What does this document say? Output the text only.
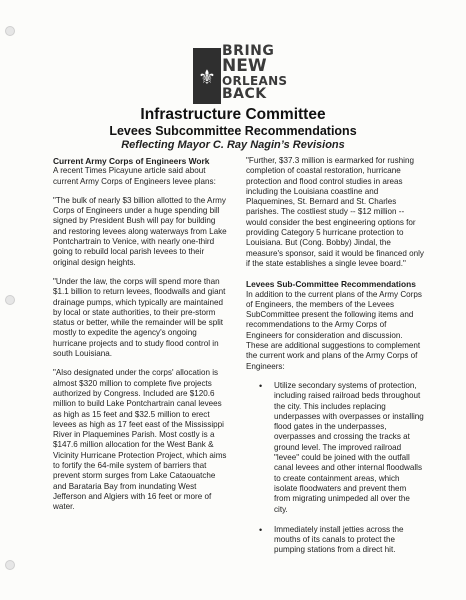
⚜
BRING
NEW
ORLEANS
BACK
Infrastructure Committee
Levees Subcommittee Recommendations
Reflecting Mayor C. Ray Nagin’s Revisions
Current Army Corps of Engineers Work

A recent Times Picayune article said about current Army Corps of Engineers levee plans:

"The bulk of nearly $3 billion allotted to the Army Corps of Engineers under a huge spending bill signed by President Bush will pay for building and restoring levees along waterways from Lake Pontchartrain to Venice, with nearly one-third going to rebuild local parish levees to their original design heights.

"Under the law, the corps will spend more than $1.1 billion to return levees, floodwalls and giant drainage pumps, which typically are maintained by local or state authorities, to their pre-storm status or better, while the remainder will be split mostly to expedite the agency's ongoing hurricane projects and to study flood control in south Louisiana.

"Also designated under the corps' allocation is almost $320 million to complete five projects authorized by Congress. Included are $120.6 million to build Lake Pontchartrain canal levees as high as 15 feet and $32.5 million to erect levees as high as 17 feet east of the Mississippi River in Plaquemines Parish. Most costly is a $147.6 million allocation for the West Bank & Vicinity Hurricane Protection Project, which aims to fortify the 64-mile system of barriers that prevent storm surges from Lake Cataouatche and Barataria Bay from inundating West Jefferson and Algiers with 16 feet or more of water.

"Further, $37.3 million is earmarked for rushing completion of coastal restoration, hurricane protection and flood control studies in areas including the Louisiana coastline and Plaquemines, St. Bernard and St. Charles parishes. The costliest study -- $12 million -- would consider the best engineering options for providing Category 5 hurricane protection to Louisiana. But (Cong. Bobby) Jindal, the measure's sponsor, said it would be financed only if the state establishes a single levee board."

Levees Sub-Committee Recommendations

In addition to the current plans of the Army Corps of Engineers, the members of the Levees SubCommittee present the following items and recommendations to the Army Corps of Engineers for consideration and discussion. These are additional suggestions to complement the current work and plans of the Army Corps of Engineers:

• Utilize secondary systems of protection, including raised railroad beds throughout the city. This includes replacing underpasses with overpasses or installing flood gates in the underpasses, overpasses and crossing the tracks at ground level. The improved railroad "levee" could be joined with the outfall canal levees and other internal floodwalls to create containment areas, which isolate floodwaters and prevent them from migrating unimpeded all over the city.
• Immediately install jetties across the mouths of its canals to protect the pumping stations from a direct hit.
